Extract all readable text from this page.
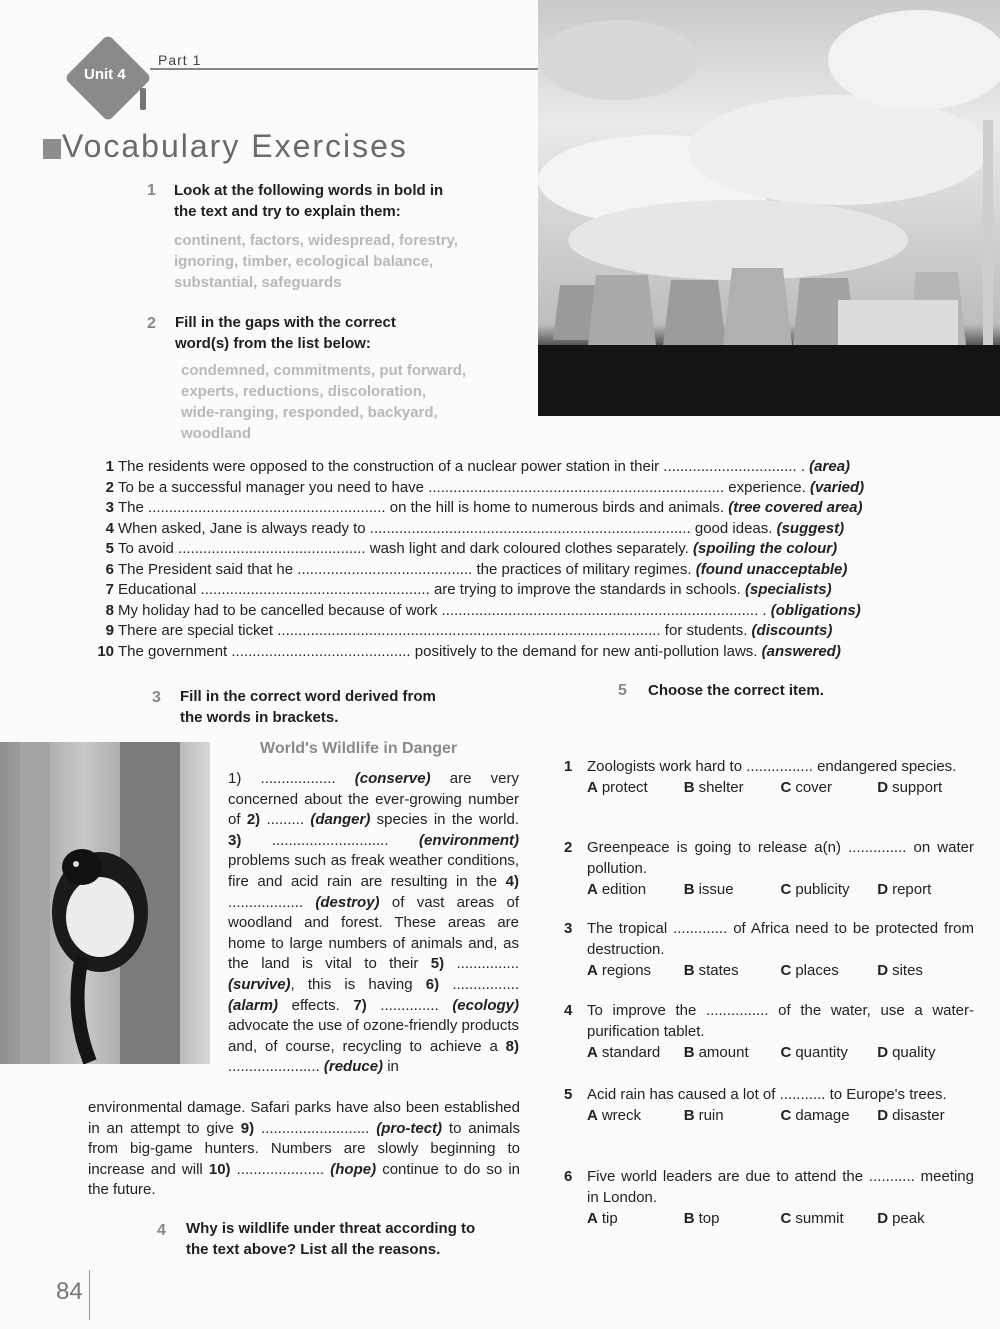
Unit 4
Part 1
Vocabulary Exercises
1 Look at the following words in bold in
the text and try to explain them:
continent, factors, widespread, forestry,
ignoring, timber, ecological balance,
substantial, safeguards
2 Fill in the gaps with the correct
word(s) from the list below:
condemned, commitments, put forward,
experts, reductions, discoloration,
wide-ranging, responded, backyard,
woodland
1 The residents were opposed to the construction of a nuclear power station in their ................................ . (area)
2 To be a successful manager you need to have ....................................................................... experience. (varied)
3 The ......................................................... on the hill is home to numerous birds and animals. (tree covered area)
4 When asked, Jane is always ready to ............................................................................. good ideas. (suggest)
5 To avoid ............................................. wash light and dark coloured clothes separately. (spoiling the colour)
6 The President said that he .......................................... the practices of military regimes. (found unacceptable)
7 Educational ....................................................... are trying to improve the standards in schools. (specialists)
8 My holiday had to be cancelled because of work ............................................................................ . (obligations)
9 There are special ticket ............................................................................................ for students. (discounts)
10 The government ........................................... positively to the demand for new anti-pollution laws. (answered)
3 Fill in the correct word derived from
the words in brackets.
World's Wildlife in Danger
1) .................. (conserve) are very concerned about the ever-growing number of 2) ......... (danger) species in the world. 3) ............................ (environment) problems such as freak weather conditions, fire and acid rain are resulting in the 4) .................. (destroy) of vast areas of woodland and forest. These areas are home to large numbers of animals and, as the land is vital to their 5) ............... (survive), this is having 6) ................ (alarm) effects. 7) .............. (ecology) advocate the use of ozone-friendly products and, of course, recycling to achieve a 8) ...................... (reduce) in
environmental damage. Safari parks have also been established in an attempt to give 9) .......................... (pro-tect) to animals from big-game hunters. Numbers are slowly beginning to increase and will 10) ..................... (hope) continue to do so in the future.
4 Why is wildlife under threat according to
the text above? List all the reasons.
5 Choose the correct item.
1 Zoologists work hard to ................ endangered species.
A protect	B shelter	C cover	D support
2 Greenpeace is going to release a(n) .............. on water pollution.
A edition	B issue	C publicity	D report
3 The tropical ............. of Africa need to be protected from destruction.
A regions	B states	C places	D sites
4 To improve the ............... of the water, use a water-purification tablet.
A standard	B amount	C quantity	D quality
5 Acid rain has caused a lot of ........... to Europe's trees.
A wreck	B ruin	C damage	D disaster
6 Five world leaders are due to attend the ........... meeting in London.
A tip	B top	C summit	D peak
84
